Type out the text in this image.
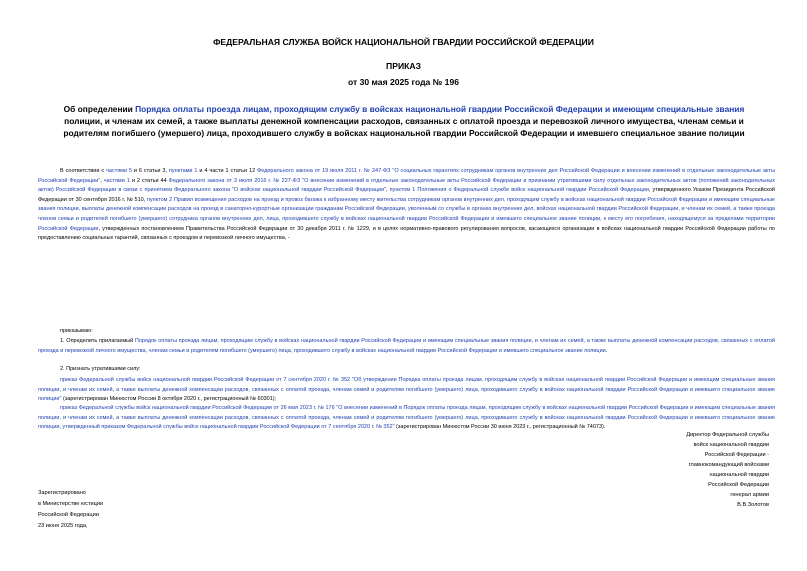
ФЕДЕРАЛЬНАЯ СЛУЖБА ВОЙСК НАЦИОНАЛЬНОЙ ГВАРДИИ РОССИЙСКОЙ ФЕДЕРАЦИИ
ПРИКАЗ
от 30 мая 2025 года № 196
Об определении Порядка оплаты проезда лицам, проходящим службу в войсках национальной гвардии Российской Федерации и имеющим специальные звания полиции, и членам их семей, а также выплаты денежной компенсации расходов, связанных с оплатой проезда и перевозкой личного имущества, членам семьи и родителям погибшего (умершего) лица, проходившего службу в войсках национальной гвардии Российской Федерации и имевшего специальное звание полиции
В соответствии с частями 5 и 6 статьи 3, пунктами 1 и 4 части 1 статьи 12 Федерального закона от 19 июля 2011 г. № 247-ФЗ "О социальных гарантиях сотрудникам органов внутренних дел Российской Федерации и внесении изменений в отдельные законодательные акты Российской Федерации", частями 1 и 2 статьи 44 Федерального закона от 3 июля 2016 г. № 227-ФЗ "О внесении изменений в отдельные законодательные акты Российской Федерации и признании утратившими силу отдельных законодательных актов (положений законодательных актов) Российской Федерации в связи с принятием Федерального закона "О войсках национальной гвардии Российской Федерации", пунктом 1 Положения о Федеральной службе войск национальной гвардии Российской Федерации, утвержденного Указом Президента Российской Федерации от 30 сентября 2016 г. № 510, пунктом 2 Правил возмещения расходов на проезд и провоз багажа к избранному месту жительства сотрудникам органов внутренних дел, проходящим службу в войсках национальной гвардии Российской Федерации и имеющим специальные звания полиции, выплаты денежной компенсации расходов на проезд в санаторно-курортные организации гражданам Российской Федерации, уволенным со службы в органах внутренних дел, войсках национальной гвардии Российской Федерации, и членам их семей, а также проезда членов семьи и родителей погибшего (умершего) сотрудника органов внутренних дел, лица, проходившего службу в войсках национальной гвардии Российской Федерации и имевшего специальное звание полиции, к месту его погребения, находящемуся за пределами территории Российской Федерации, утвержденных постановлением Правительства Российской Федерации от 30 декабря 2011 г. № 1229, и в целях нормативно-правового регулирования вопросов, касающихся организации в войсках национальной гвардии Российской Федерации работы по предоставлению социальных гарантий, связанных с проездом и перевозкой личного имущества, -
приказываю:
1. Определить прилагаемый Порядок оплаты проезда лицам, проходящим службу в войсках национальной гвардии Российской Федерации и имеющим специальные звания полиции, и членам их семей, а также выплаты денежной компенсации расходов, связанных с оплатой проезда и перевозкой личного имущества, членам семьи и родителям погибшего (умершего) лица, проходившего службу в войсках национальной гвардии Российской Федерации и имевшего специальное звание полиции.
2. Признать утратившими силу:
приказ Федеральной службы войск национальной гвардии Российской Федерации от 7 сентября 2020 г. № 352 "Об утверждении Порядка оплаты проезда лицам, проходящим службу в войсках национальной гвардии Российской Федерации и имеющим специальные звания полиции, и членам их семей, а также выплаты денежной компенсации расходов, связанных с оплатой проезда, членам семей и родителям погибшего (умершего) лица, проходившего службу в войсках национальной гвардии Российской Федерации и имевшего специальное звание полиции" (зарегистрирован Минюстом России 8 октября 2020 г., регистрационный № 60301);
приказ Федеральной службы войск национальной гвардии Российской Федерации от 26 мая 2023 г. № 176 "О внесении изменений в Порядок оплаты проезда лицам, проходящим службу в войсках национальной гвардии Российской Федерации и имеющим специальные звания полиции, и членам их семей, а также выплаты денежной компенсации расходов, связанных с оплатой проезда, членам семей и родителям погибшего (умершего) лица, проходившего службу в войсках национальной гвардии Российской Федерации и имевшего специальное звание полиции, утвержденный приказом Федеральной службы войск национальной гвардии Российской Федерации от 7 сентября 2020 г. № 352" (зарегистрирован Минюстом России 30 июня 2023 г., регистрационный № 74073).
Директор Федеральной службы
войск национальной гвардии
Российской Федерации -
главнокомандующий войсками
национальной гвардии
Российской Федерации
генерал армии
В.В.Золотов
Зарегистрировано
в Министерстве юстиции
Российской Федерации
23 июня 2025 года,
